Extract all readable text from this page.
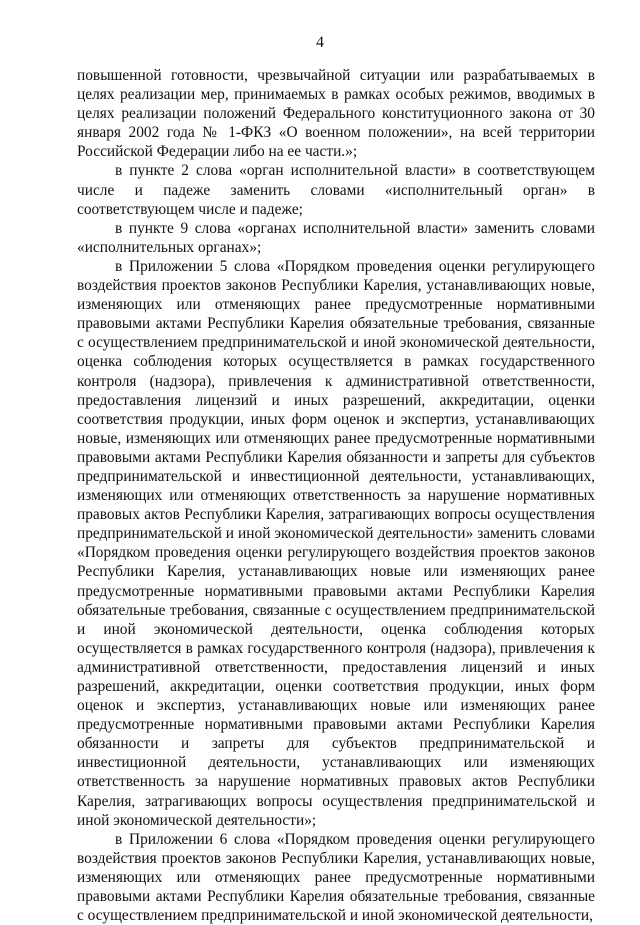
4

повышенной готовности, чрезвычайной ситуации или разрабатываемых в целях реализации мер, принимаемых в рамках особых режимов, вводимых в целях реализации положений Федерального конституционного закона от 30 января 2002 года № 1-ФКЗ «О военном положении», на всей территории Российской Федерации либо на ее части.»;

в пункте 2 слова «орган исполнительной власти» в соответствующем числе и падеже заменить словами «исполнительный орган» в соответствующем числе и падеже;

в пункте 9 слова «органах исполнительной власти» заменить словами «исполнительных органах»;

в Приложении 5 слова «Порядком проведения оценки регулирующего воздействия проектов законов Республики Карелия, устанавливающих новые, изменяющих или отменяющих ранее предусмотренные нормативными правовыми актами Республики Карелия обязательные требования, связанные с осуществлением предпринимательской и иной экономической деятельности, оценка соблюдения которых осуществляется в рамках государственного контроля (надзора), привлечения к административной ответственности, предоставления лицензий и иных разрешений, аккредитации, оценки соответствия продукции, иных форм оценок и экспертиз, устанавливающих новые, изменяющих или отменяющих ранее предусмотренные нормативными правовыми актами Республики Карелия обязанности и запреты для субъектов предпринимательской и инвестиционной деятельности, устанавливающих, изменяющих или отменяющих ответственность за нарушение нормативных правовых актов Республики Карелия, затрагивающих вопросы осуществления предпринимательской и иной экономической деятельности» заменить словами «Порядком проведения оценки регулирующего воздействия проектов законов Республики Карелия, устанавливающих новые или изменяющих ранее предусмотренные нормативными правовыми актами Республики Карелия обязательные требования, связанные с осуществлением предпринимательской и иной экономической деятельности, оценка соблюдения которых осуществляется в рамках государственного контроля (надзора), привлечения к административной ответственности, предоставления лицензий и иных разрешений, аккредитации, оценки соответствия продукции, иных форм оценок и экспертиз, устанавливающих новые или изменяющих ранее предусмотренные нормативными правовыми актами Республики Карелия обязанности и запреты для субъектов предпринимательской и инвестиционной деятельности, устанавливающих или изменяющих ответственность за нарушение нормативных правовых актов Республики Карелия, затрагивающих вопросы осуществления предпринимательской и иной экономической деятельности»;

в Приложении 6 слова «Порядком проведения оценки регулирующего воздействия проектов законов Республики Карелия, устанавливающих новые, изменяющих или отменяющих ранее предусмотренные нормативными правовыми актами Республики Карелия обязательные требования, связанные с осуществлением предпринимательской и иной экономической деятельности,
